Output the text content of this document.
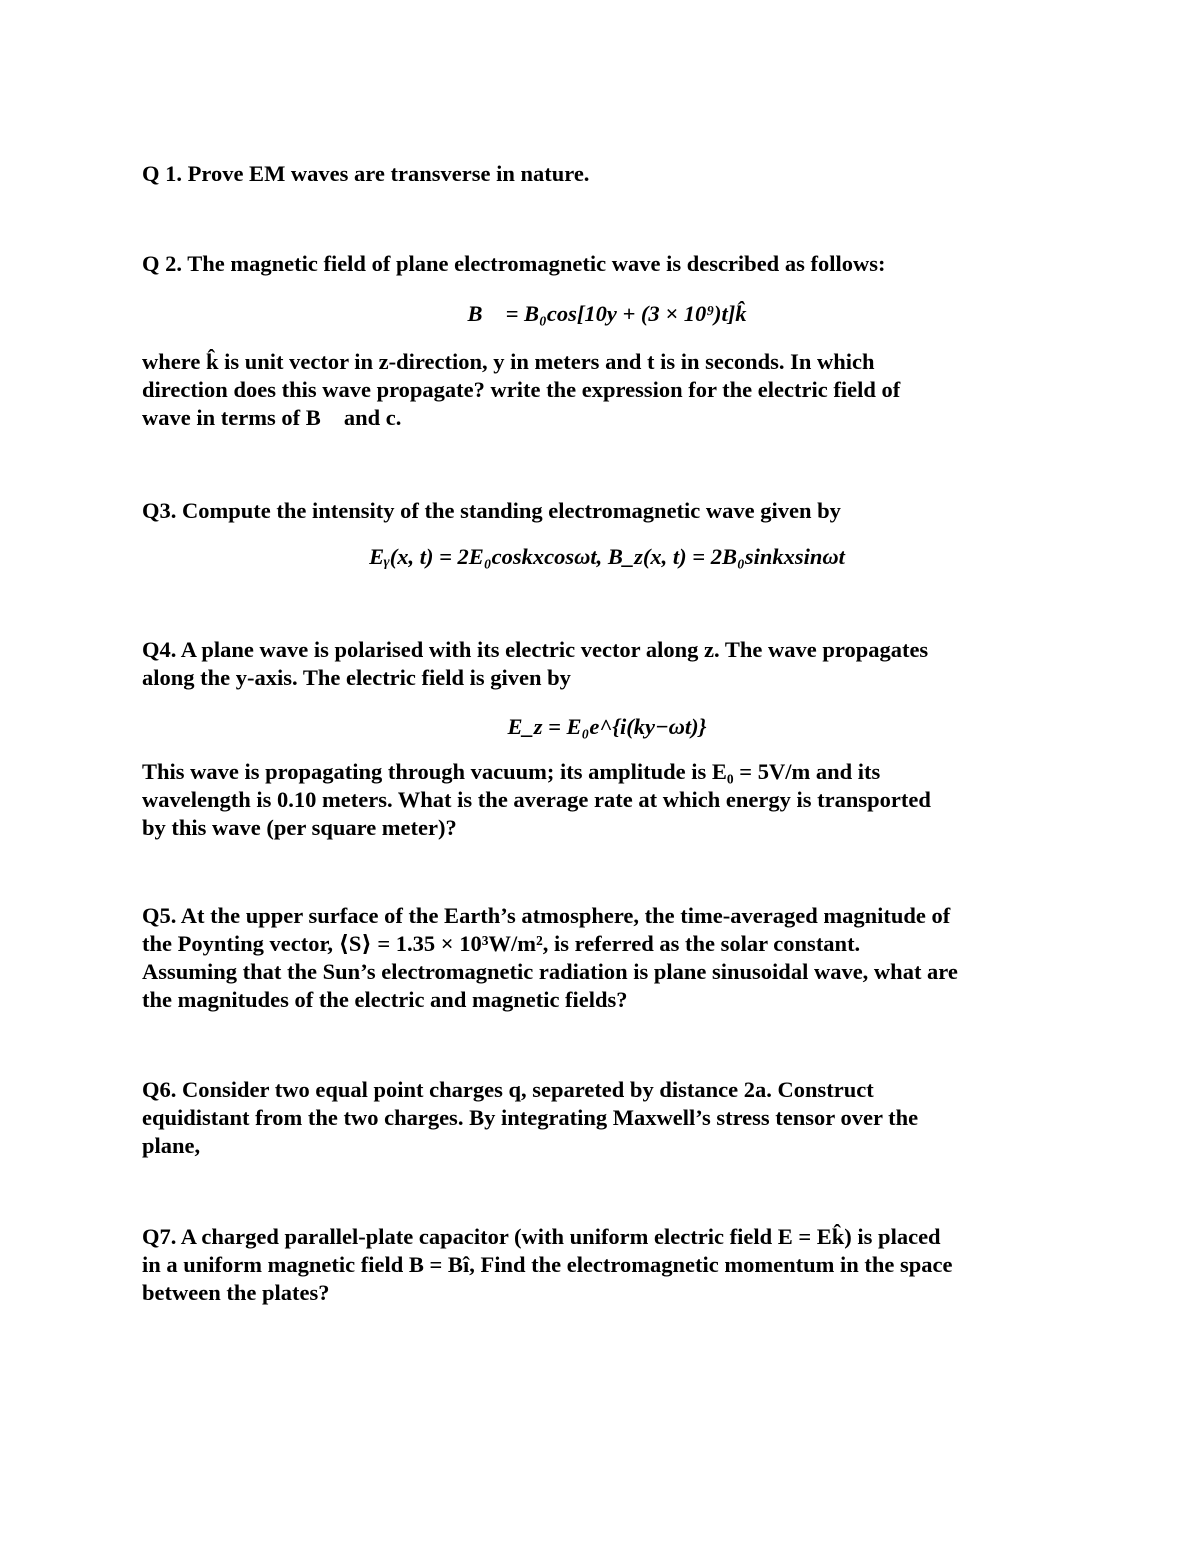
Q 1. Prove EM waves are transverse in nature.
Q 2. The magnetic field of plane electromagnetic wave is described as follows:
B⃗ = B₀cos[10y + (3 × 10⁹)t]k̂
where k̂ is unit vector in z-direction, y in meters and t is in seconds. In which
direction does this wave propagate? write the expression for the electric field of
wave in terms of B⃗ and c.
Q3. Compute the intensity of the standing electromagnetic wave given by
Eᵧ(x, t) = 2E₀coskxcosωt, B_z(x, t) = 2B₀sinkxsinωt
Q4. A plane wave is polarised with its electric vector along z. The wave propagates
along the y-axis. The electric field is given by
E_z = E₀e^{i(ky−ωt)}
This wave is propagating through vacuum; its amplitude is E₀ = 5V/m and its
wavelength is 0.10 meters. What is the average rate at which energy is transported
by this wave (per square meter)?
Q5. At the upper surface of the Earth’s atmosphere, the time-averaged magnitude of
the Poynting vector, ⟨S⟩ = 1.35 × 10³W/m², is referred as the solar constant.
Assuming that the Sun’s electromagnetic radiation is plane sinusoidal wave, what are
the magnitudes of the electric and magnetic fields?
Q6. Consider two equal point charges q, separeted by distance 2a. Construct
equidistant from the two charges. By integrating Maxwell’s stress tensor over the
plane,
Q7. A charged parallel-plate capacitor (with uniform electric field E = Ek̂) is placed
in a uniform magnetic field B = Bî, Find the electromagnetic momentum in the space
between the plates?
